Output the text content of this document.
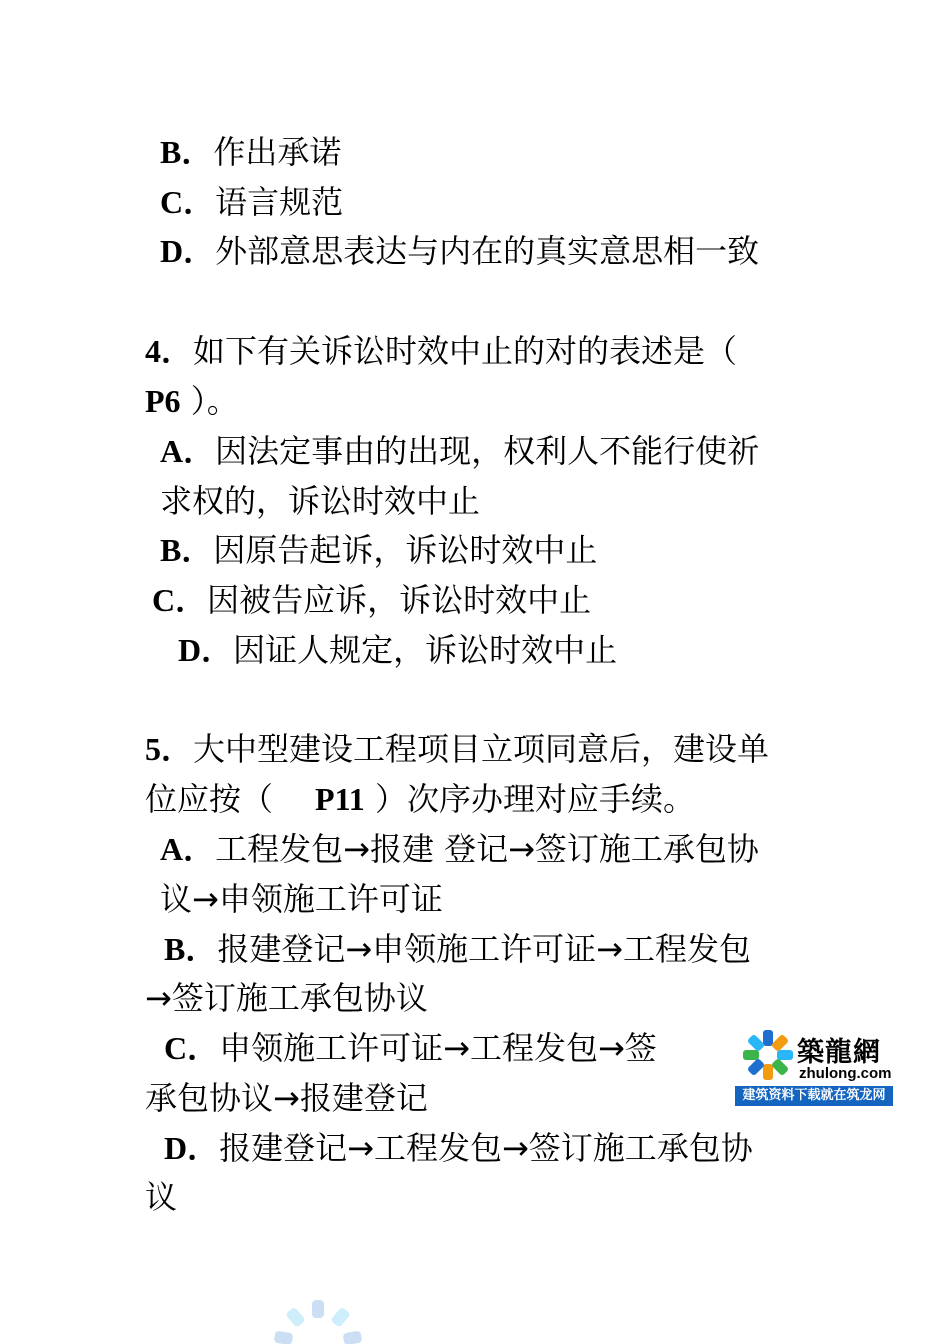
B．作出承诺
C．语言规范
D．外部意思表达与内在的真实意思相一致
4．如下有关诉讼时效中止的对的表述是（
P6 ）。
A．因法定事由的出现，权利人不能行使祈
求权的，诉讼时效中止
B．因原告起诉，诉讼时效中止
C．因被告应诉，诉讼时效中止
D．因证人规定，诉讼时效中止
5．大中型建设工程项目立项同意后，建设单
位应按（ P11 ）次序办理对应手续。
A．工程发包→报建 登记→签订施工承包协
议→申领施工许可证
B．报建登记→申领施工许可证→工程发包
→签订施工承包协议
C．申领施工许可证→工程发包→签
承包协议→报建登记
D．报建登记→工程发包→签订施工承包协
议
築龍網
zhulong.com
建筑资料下载就在筑龙网
